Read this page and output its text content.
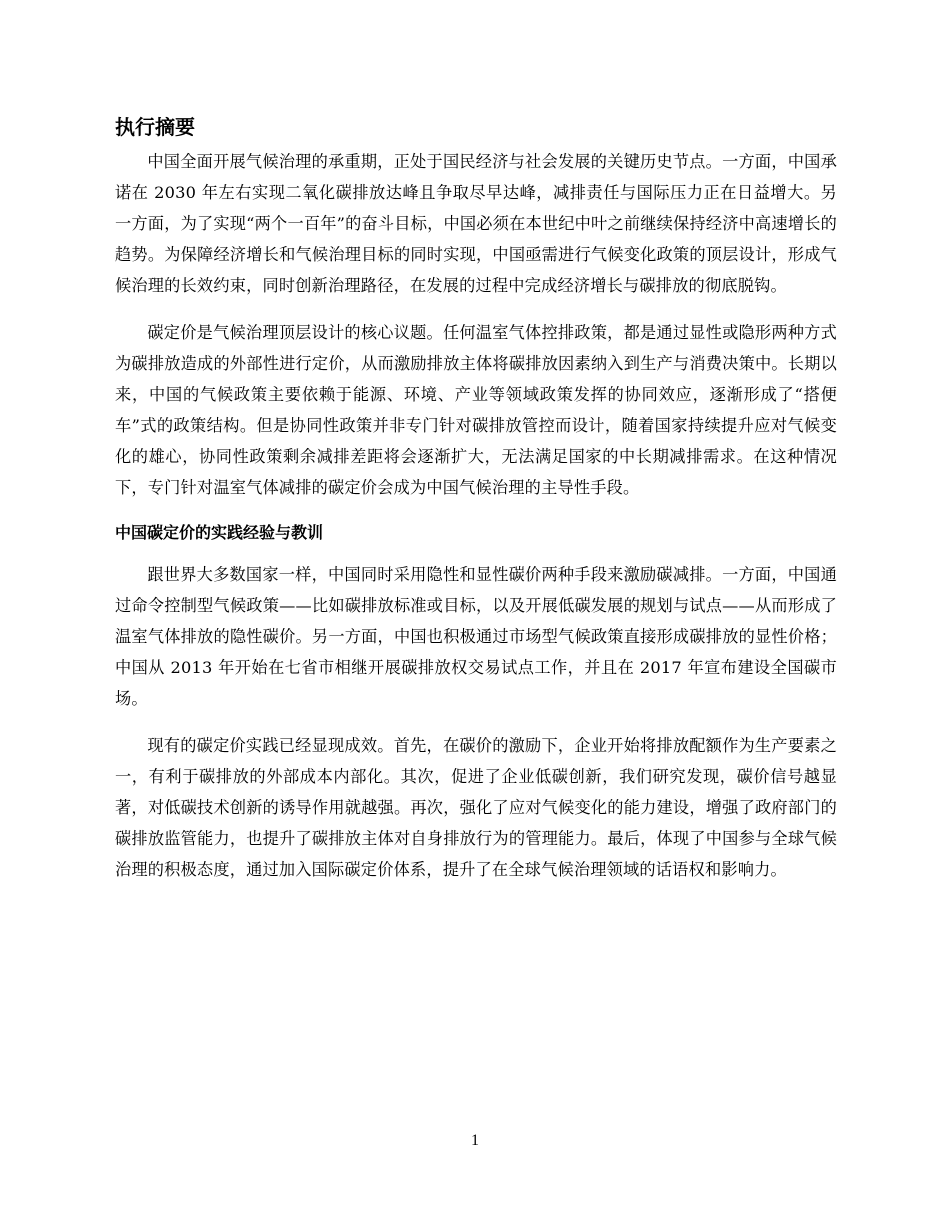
执行摘要

中国全面开展气候治理的承重期，正处于国民经济与社会发展的关键历史节点。一方面，中国承诺在 2030 年左右实现二氧化碳排放达峰且争取尽早达峰，减排责任与国际压力正在日益增大。另一方面，为了实现“两个一百年”的奋斗目标，中国必须在本世纪中叶之前继续保持经济中高速增长的趋势。为保障经济增长和气候治理目标的同时实现，中国亟需进行气候变化政策的顶层设计，形成气候治理的长效约束，同时创新治理路径，在发展的过程中完成经济增长与碳排放的彻底脱钩。

碳定价是气候治理顶层设计的核心议题。任何温室气体控排政策，都是通过显性或隐形两种方式为碳排放造成的外部性进行定价，从而激励排放主体将碳排放因素纳入到生产与消费决策中。长期以来，中国的气候政策主要依赖于能源、环境、产业等领域政策发挥的协同效应，逐渐形成了“搭便车”式的政策结构。但是协同性政策并非专门针对碳排放管控而设计，随着国家持续提升应对气候变化的雄心，协同性政策剩余减排差距将会逐渐扩大，无法满足国家的中长期减排需求。在这种情况下，专门针对温室气体减排的碳定价会成为中国气候治理的主导性手段。

中国碳定价的实践经验与教训

跟世界大多数国家一样，中国同时采用隐性和显性碳价两种手段来激励碳减排。一方面，中国通过命令控制型气候政策——比如碳排放标准或目标，以及开展低碳发展的规划与试点——从而形成了温室气体排放的隐性碳价。另一方面，中国也积极通过市场型气候政策直接形成碳排放的显性价格；中国从 2013 年开始在七省市相继开展碳排放权交易试点工作，并且在 2017 年宣布建设全国碳市场。

现有的碳定价实践已经显现成效。首先，在碳价的激励下，企业开始将排放配额作为生产要素之一，有利于碳排放的外部成本内部化。其次，促进了企业低碳创新，我们研究发现，碳价信号越显著，对低碳技术创新的诱导作用就越强。再次，强化了应对气候变化的能力建设，增强了政府部门的碳排放监管能力，也提升了碳排放主体对自身排放行为的管理能力。最后，体现了中国参与全球气候治理的积极态度，通过加入国际碳定价体系，提升了在全球气候治理领域的话语权和影响力。

1
